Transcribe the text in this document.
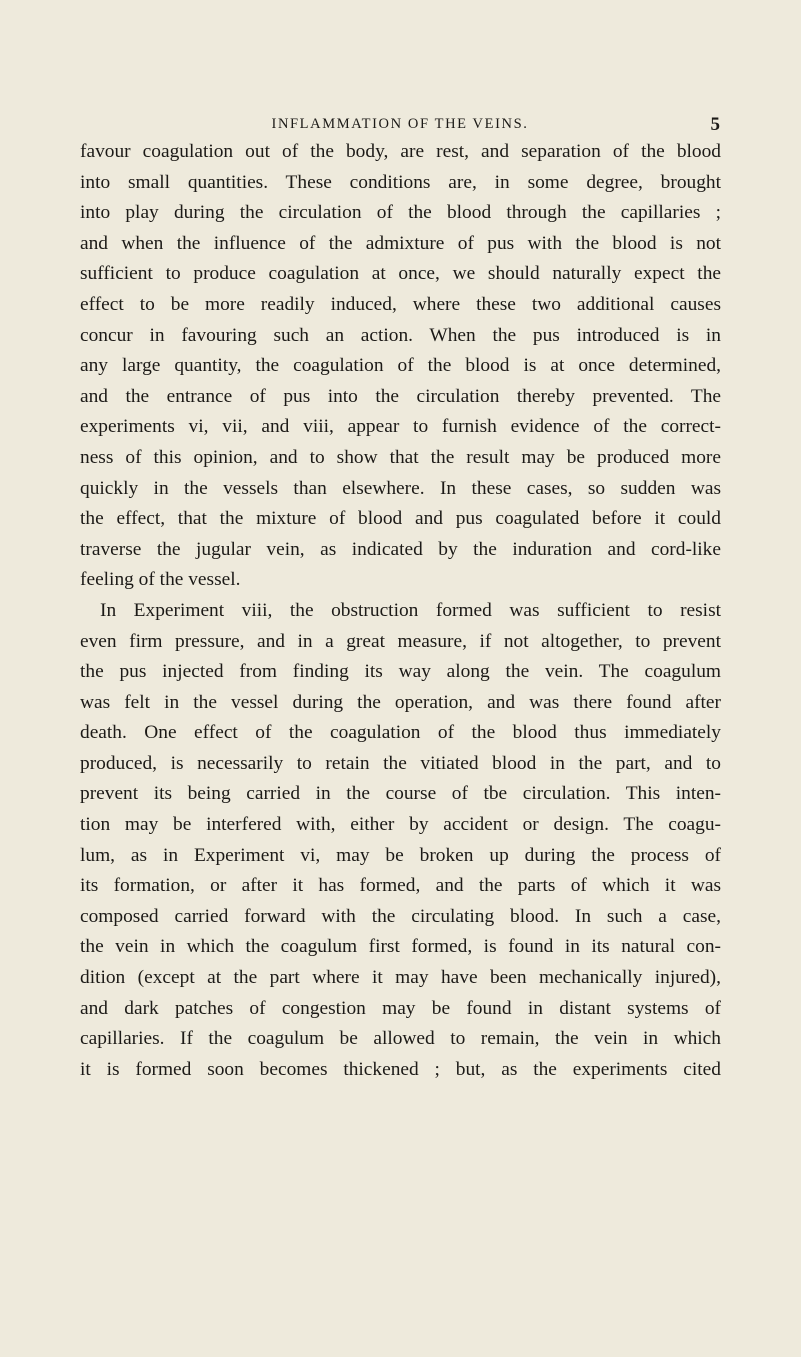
INFLAMMATION OF THE VEINS.	5
favour coagulation out of the body, are rest, and separation of the blood
into small quantities. These conditions are, in some degree, brought
into play during the circulation of the blood through the capillaries ;
and when the influence of the admixture of pus with the blood is not
sufficient to produce coagulation at once, we should naturally expect the
effect to be more readily induced, where these two additional causes
concur in favouring such an action. When the pus introduced is in
any large quantity, the coagulation of the blood is at once determined,
and the entrance of pus into the circulation thereby prevented. The
experiments vi, vii, and viii, appear to furnish evidence of the correct-
ness of this opinion, and to show that the result may be produced more
quickly in the vessels than elsewhere. In these cases, so sudden was
the effect, that the mixture of blood and pus coagulated before it could
traverse the jugular vein, as indicated by the induration and cord-like
feeling of the vessel.
In Experiment viii, the obstruction formed was sufficient to resist
even firm pressure, and in a great measure, if not altogether, to prevent
the pus injected from finding its way along the vein. The coagulum
was felt in the vessel during the operation, and was there found after
death. One effect of the coagulation of the blood thus immediately
produced, is necessarily to retain the vitiated blood in the part, and to
prevent its being carried in the course of tbe circulation. This inten-
tion may be interfered with, either by accident or design. The coagu-
lum, as in Experiment vi, may be broken up during the process of
its formation, or after it has formed, and the parts of which it was
composed carried forward with the circulating blood. In such a case,
the vein in which the coagulum first formed, is found in its natural con-
dition (except at the part where it may have been mechanically injured),
and dark patches of congestion may be found in distant systems of
capillaries. If the coagulum be allowed to remain, the vein in which
it is formed soon becomes thickened ; but, as the experiments cited
